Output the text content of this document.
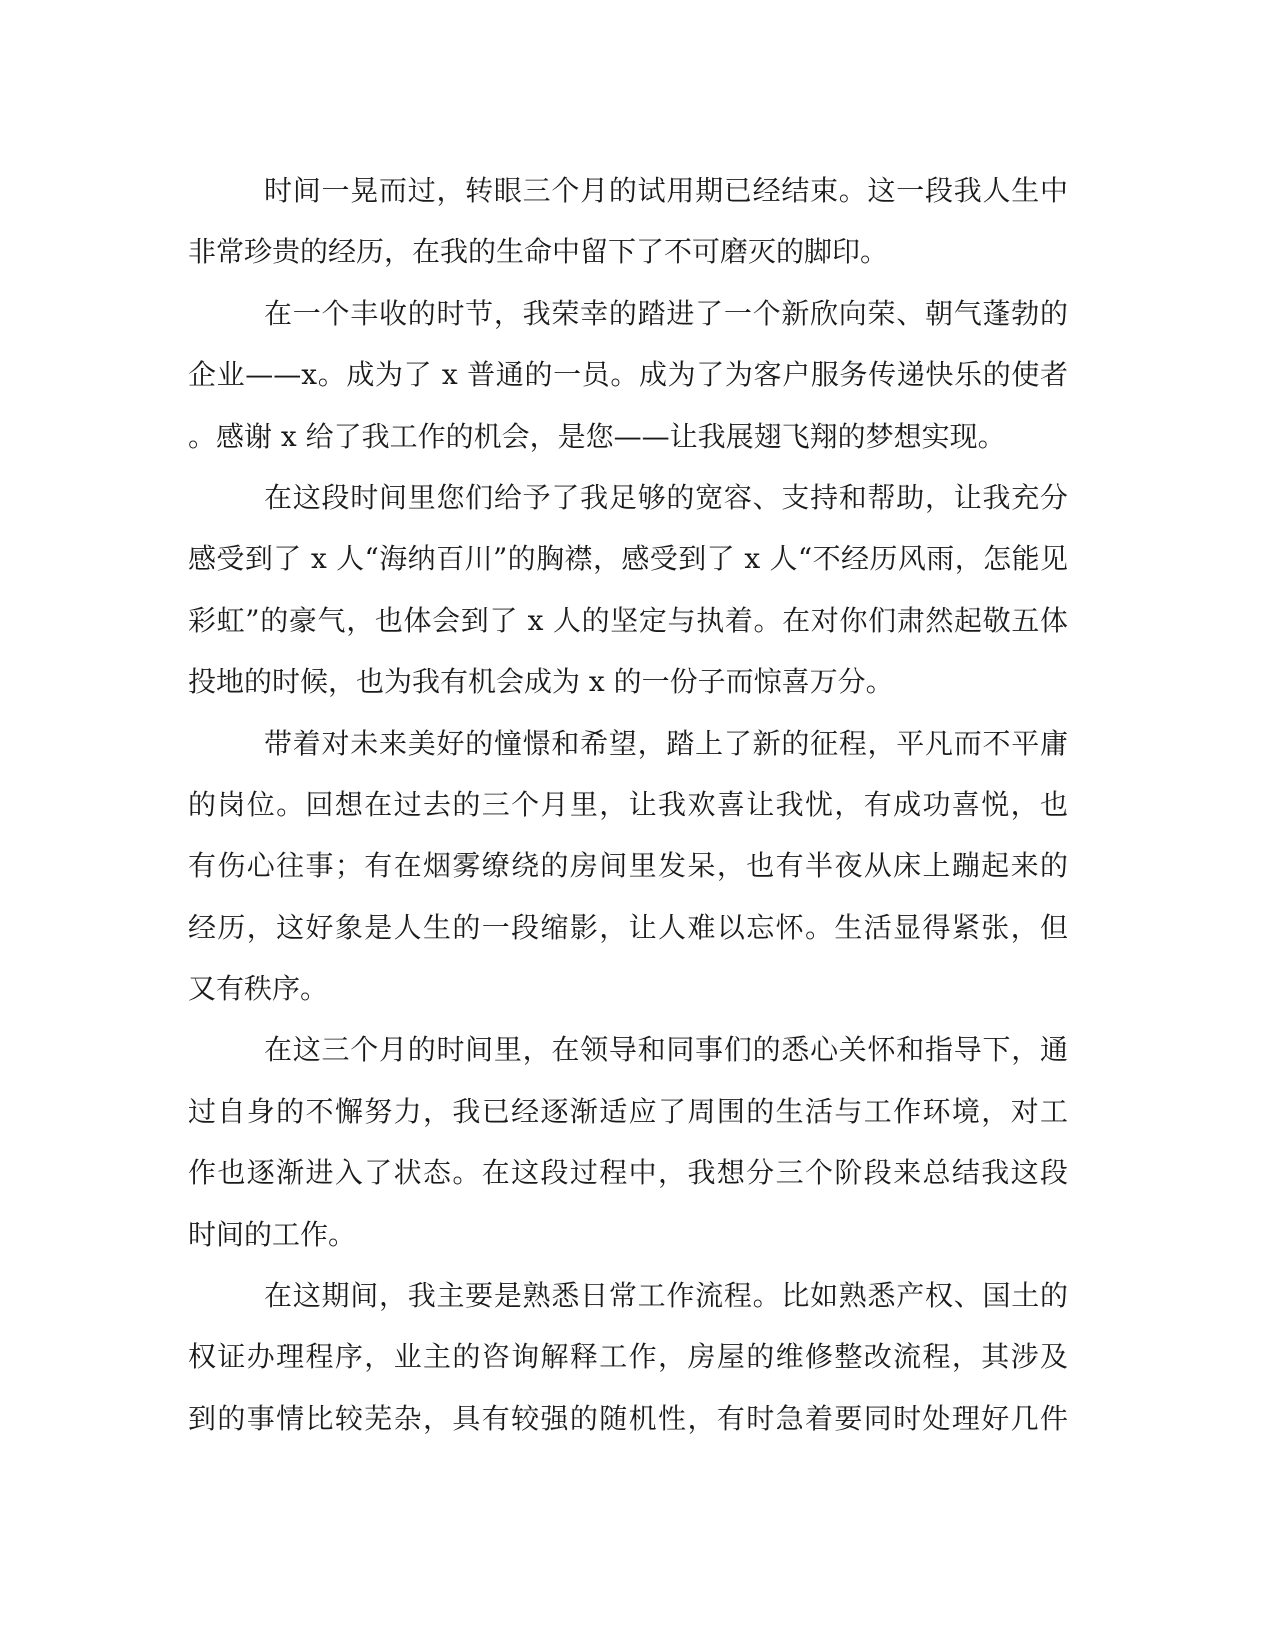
时间一晃而过，转眼三个月的试用期已经结束。这一段我人生中
非常珍贵的经历，在我的生命中留下了不可磨灭的脚印。
在一个丰收的时节，我荣幸的踏进了一个新欣向荣、朝气蓬勃的
企业——x。成为了 x 普通的一员。成为了为客户服务传递快乐的使者
。感谢 x 给了我工作的机会，是您——让我展翅飞翔的梦想实现。
在这段时间里您们给予了我足够的宽容、支持和帮助，让我充分
感受到了 x 人“海纳百川”的胸襟，感受到了 x 人“不经历风雨，怎能见
彩虹”的豪气，也体会到了 x 人的坚定与执着。在对你们肃然起敬五体
投地的时候，也为我有机会成为 x 的一份子而惊喜万分。
带着对未来美好的憧憬和希望，踏上了新的征程，平凡而不平庸
的岗位。回想在过去的三个月里，让我欢喜让我忧，有成功喜悦，也
有伤心往事；有在烟雾缭绕的房间里发呆，也有半夜从床上蹦起来的
经历，这好象是人生的一段缩影，让人难以忘怀。生活显得紧张，但
又有秩序。
在这三个月的时间里，在领导和同事们的悉心关怀和指导下，通
过自身的不懈努力，我已经逐渐适应了周围的生活与工作环境，对工
作也逐渐进入了状态。在这段过程中，我想分三个阶段来总结我这段
时间的工作。
在这期间，我主要是熟悉日常工作流程。比如熟悉产权、国土的
权证办理程序，业主的咨询解释工作，房屋的维修整改流程，其涉及
到的事情比较芜杂，具有较强的随机性，有时急着要同时处理好几件
